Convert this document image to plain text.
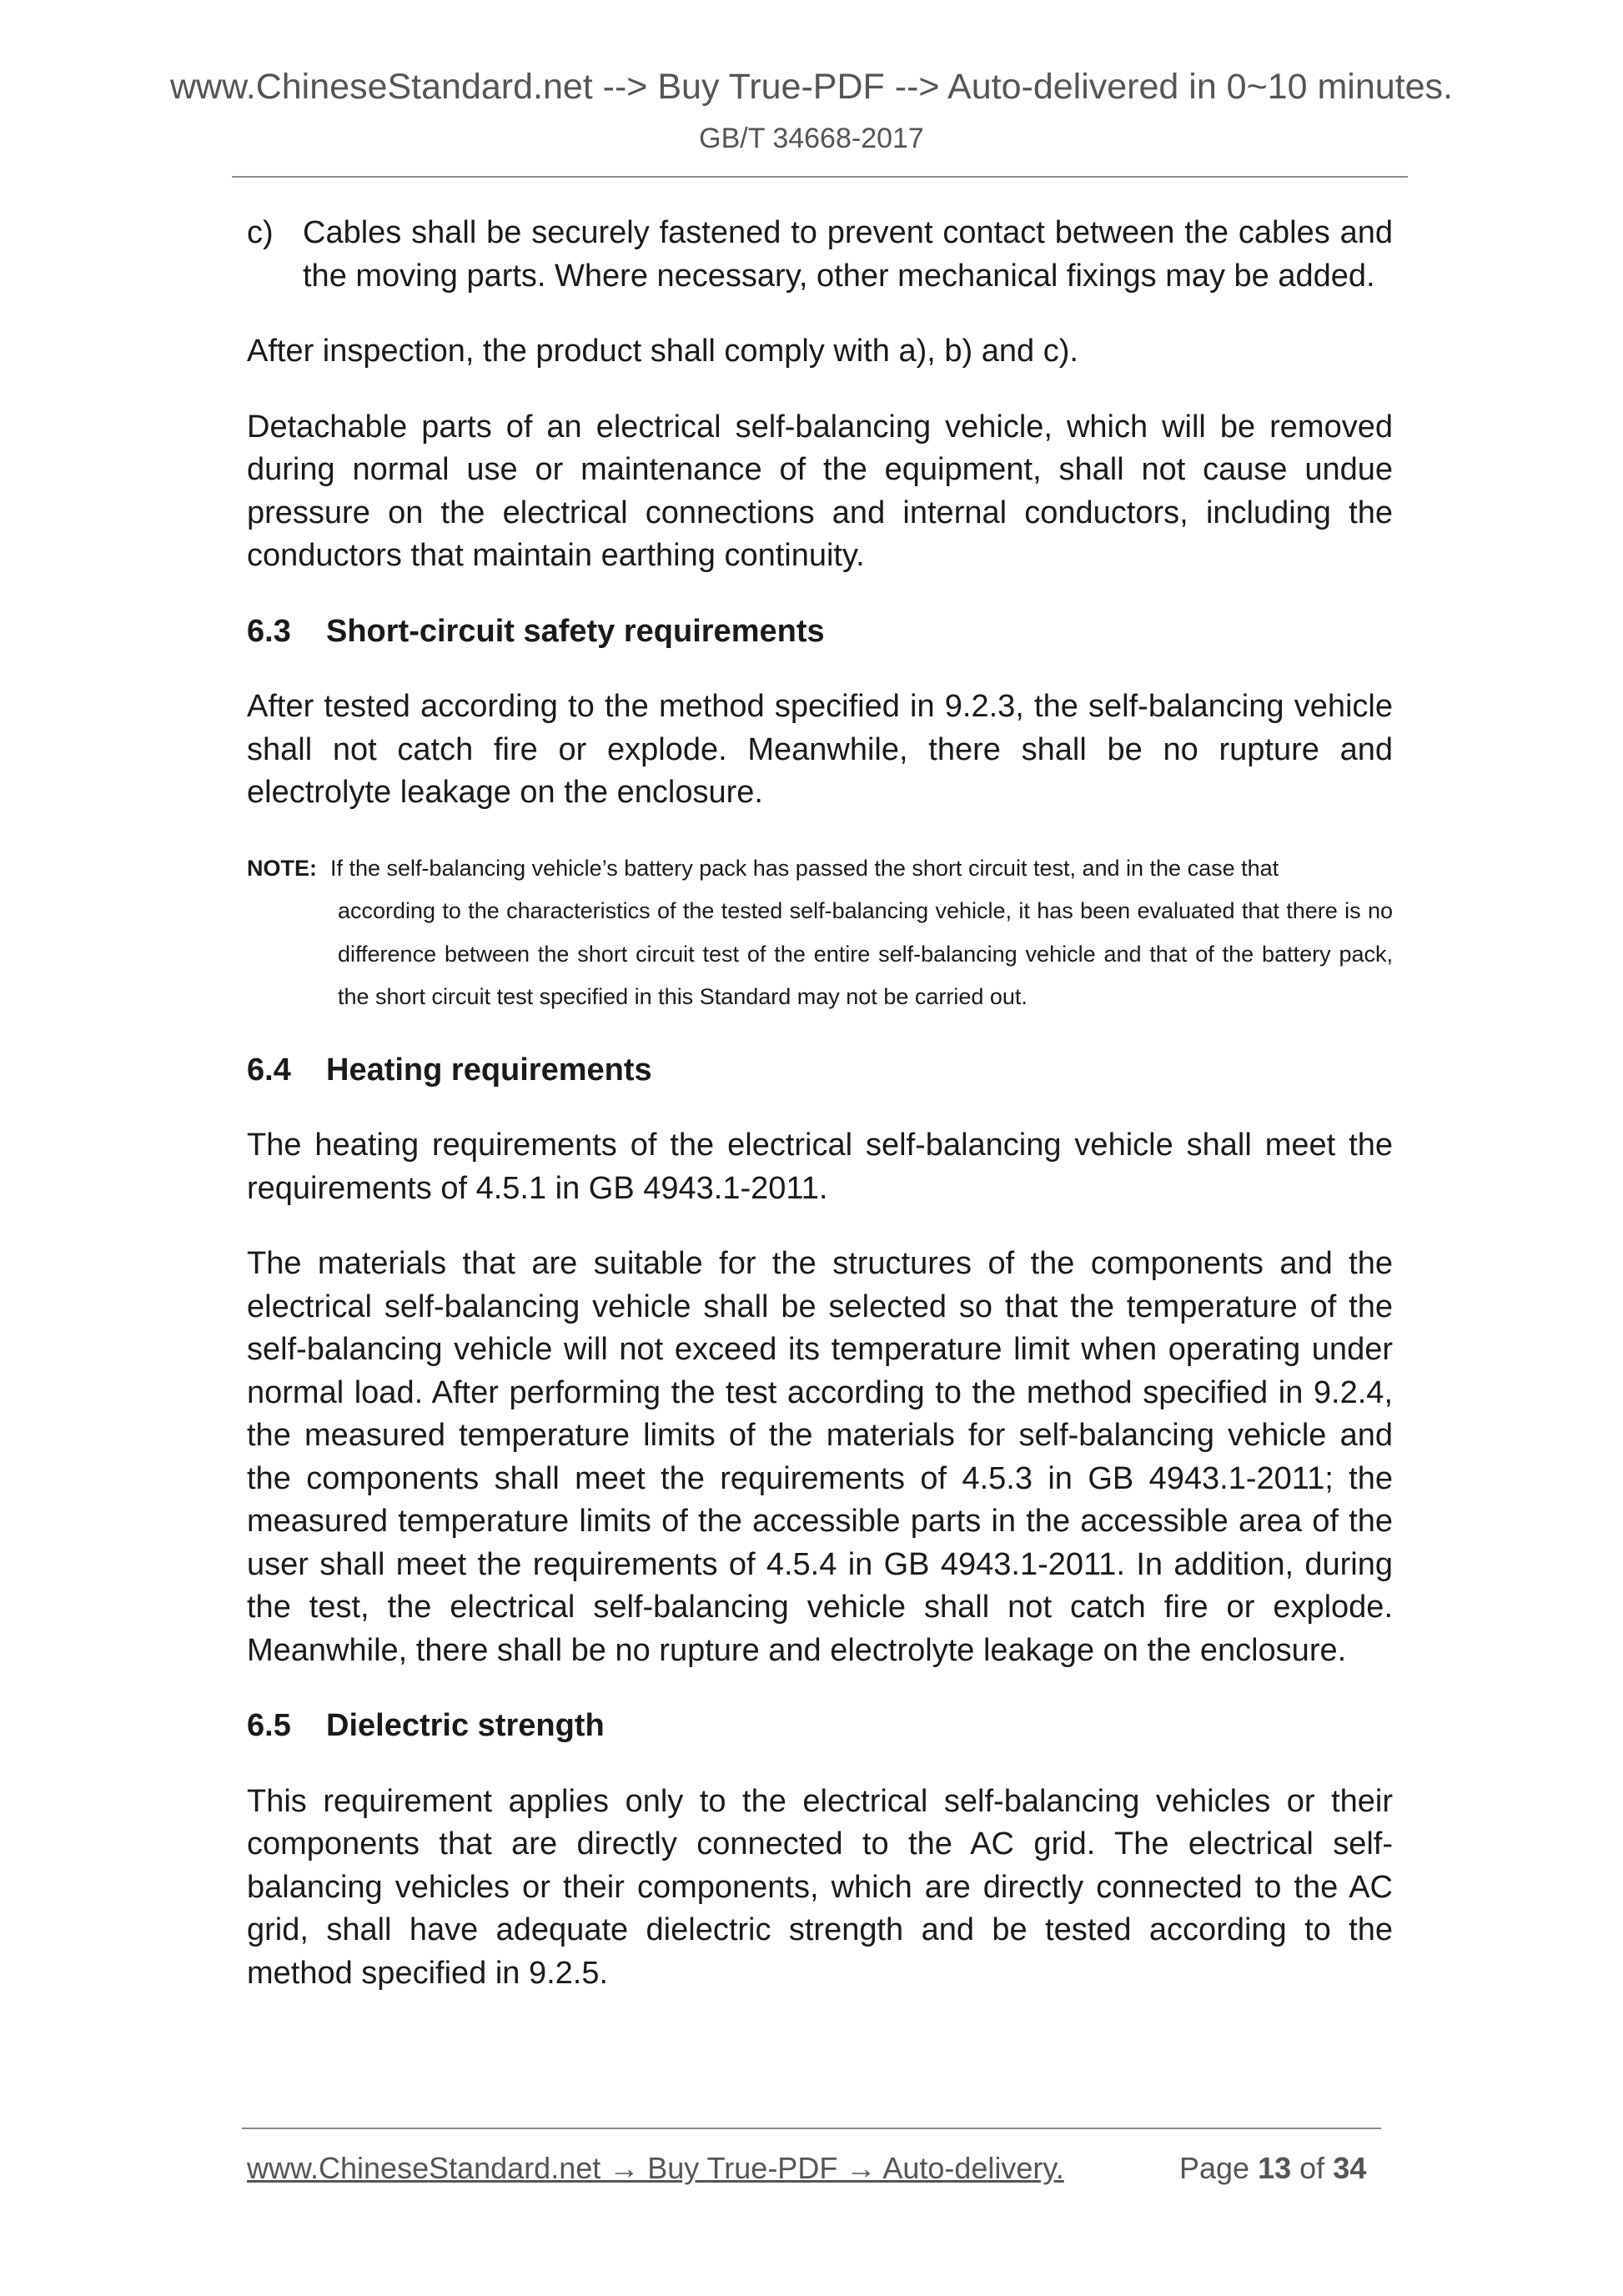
www.ChineseStandard.net --> Buy True-PDF --> Auto-delivered in 0~10 minutes.
GB/T 34668-2017
c) Cables shall be securely fastened to prevent contact between the cables and the moving parts. Where necessary, other mechanical fixings may be added.

After inspection, the product shall comply with a), b) and c).

Detachable parts of an electrical self-balancing vehicle, which will be removed during normal use or maintenance of the equipment, shall not cause undue pressure on the electrical connections and internal conductors, including the conductors that maintain earthing continuity.

6.3	Short-circuit safety requirements

After tested according to the method specified in 9.2.3, the self-balancing vehicle shall not catch fire or explode. Meanwhile, there shall be no rupture and electrolyte leakage on the enclosure.

NOTE: If the self-balancing vehicle’s battery pack has passed the short circuit test, and in the case that

according to the characteristics of the tested self-balancing vehicle, it has been evaluated that there is no difference between the short circuit test of the entire self-balancing vehicle and that of the battery pack, the short circuit test specified in this Standard may not be carried out.

6.4	Heating requirements

The heating requirements of the electrical self-balancing vehicle shall meet the requirements of 4.5.1 in GB 4943.1-2011.

The materials that are suitable for the structures of the components and the electrical self-balancing vehicle shall be selected so that the temperature of the self-balancing vehicle will not exceed its temperature limit when operating under normal load. After performing the test according to the method specified in 9.2.4, the measured temperature limits of the materials for self-balancing vehicle and the components shall meet the requirements of 4.5.3 in GB 4943.1-2011; the measured temperature limits of the accessible parts in the accessible area of the user shall meet the requirements of 4.5.4 in GB 4943.1-2011. In addition, during the test, the electrical self-balancing vehicle shall not catch fire or explode. Meanwhile, there shall be no rupture and electrolyte leakage on the enclosure.

6.5	Dielectric strength

This requirement applies only to the electrical self-balancing vehicles or their components that are directly connected to the AC grid. The electrical self-balancing vehicles or their components, which are directly connected to the AC grid, shall have adequate dielectric strength and be tested according to the method specified in 9.2.5.

www.ChineseStandard.net → Buy True-PDF → Auto-delivery.	Page 13 of 34
